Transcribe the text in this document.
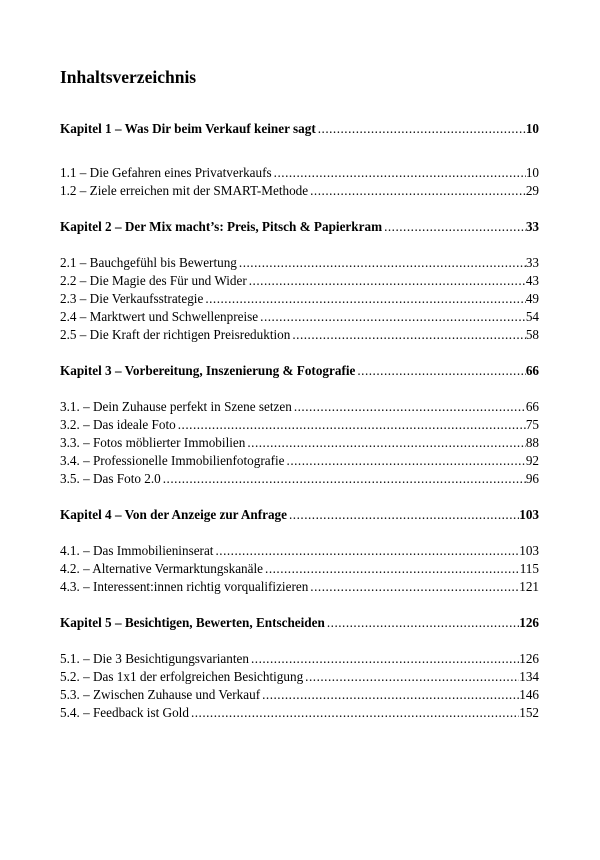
Inhaltsverzeichnis
Kapitel 1 – Was Dir beim Verkauf keiner sagt .....	10
1.1 – Die Gefahren eines Privatverkaufs .....	10
1.2 – Ziele erreichen mit der SMART-Methode .....	29
Kapitel 2 – Der Mix macht’s: Preis, Pitsch & Papierkram .....	33
2.1 – Bauchgefühl bis Bewertung .....	33
2.2 – Die Magie des Für und Wider .....	43
2.3 – Die Verkaufsstrategie .....	49
2.4 – Marktwert und Schwellenpreise .....	54
2.5 – Die Kraft der richtigen Preisreduktion .....	58
Kapitel 3 – Vorbereitung, Inszenierung & Fotografie .....	66
3.1. – Dein Zuhause perfekt in Szene setzen .....	66
3.2. – Das ideale Foto .....	75
3.3. – Fotos möblierter Immobilien .....	88
3.4. – Professionelle Immobilienfotografie .....	92
3.5. – Das Foto 2.0 .....	96
Kapitel 4 – Von der Anzeige zur Anfrage .....	103
4.1. – Das Immobilieninserat .....	103
4.2. – Alternative Vermarktungskanäle .....	115
4.3. – Interessent:innen richtig vorqualifizieren .....	121
Kapitel 5 – Besichtigen, Bewerten, Entscheiden .....	126
5.1. – Die 3 Besichtigungsvarianten .....	126
5.2. – Das 1x1 der erfolgreichen Besichtigung .....	134
5.3. – Zwischen Zuhause und Verkauf .....	146
5.4. – Feedback ist Gold .....	152
